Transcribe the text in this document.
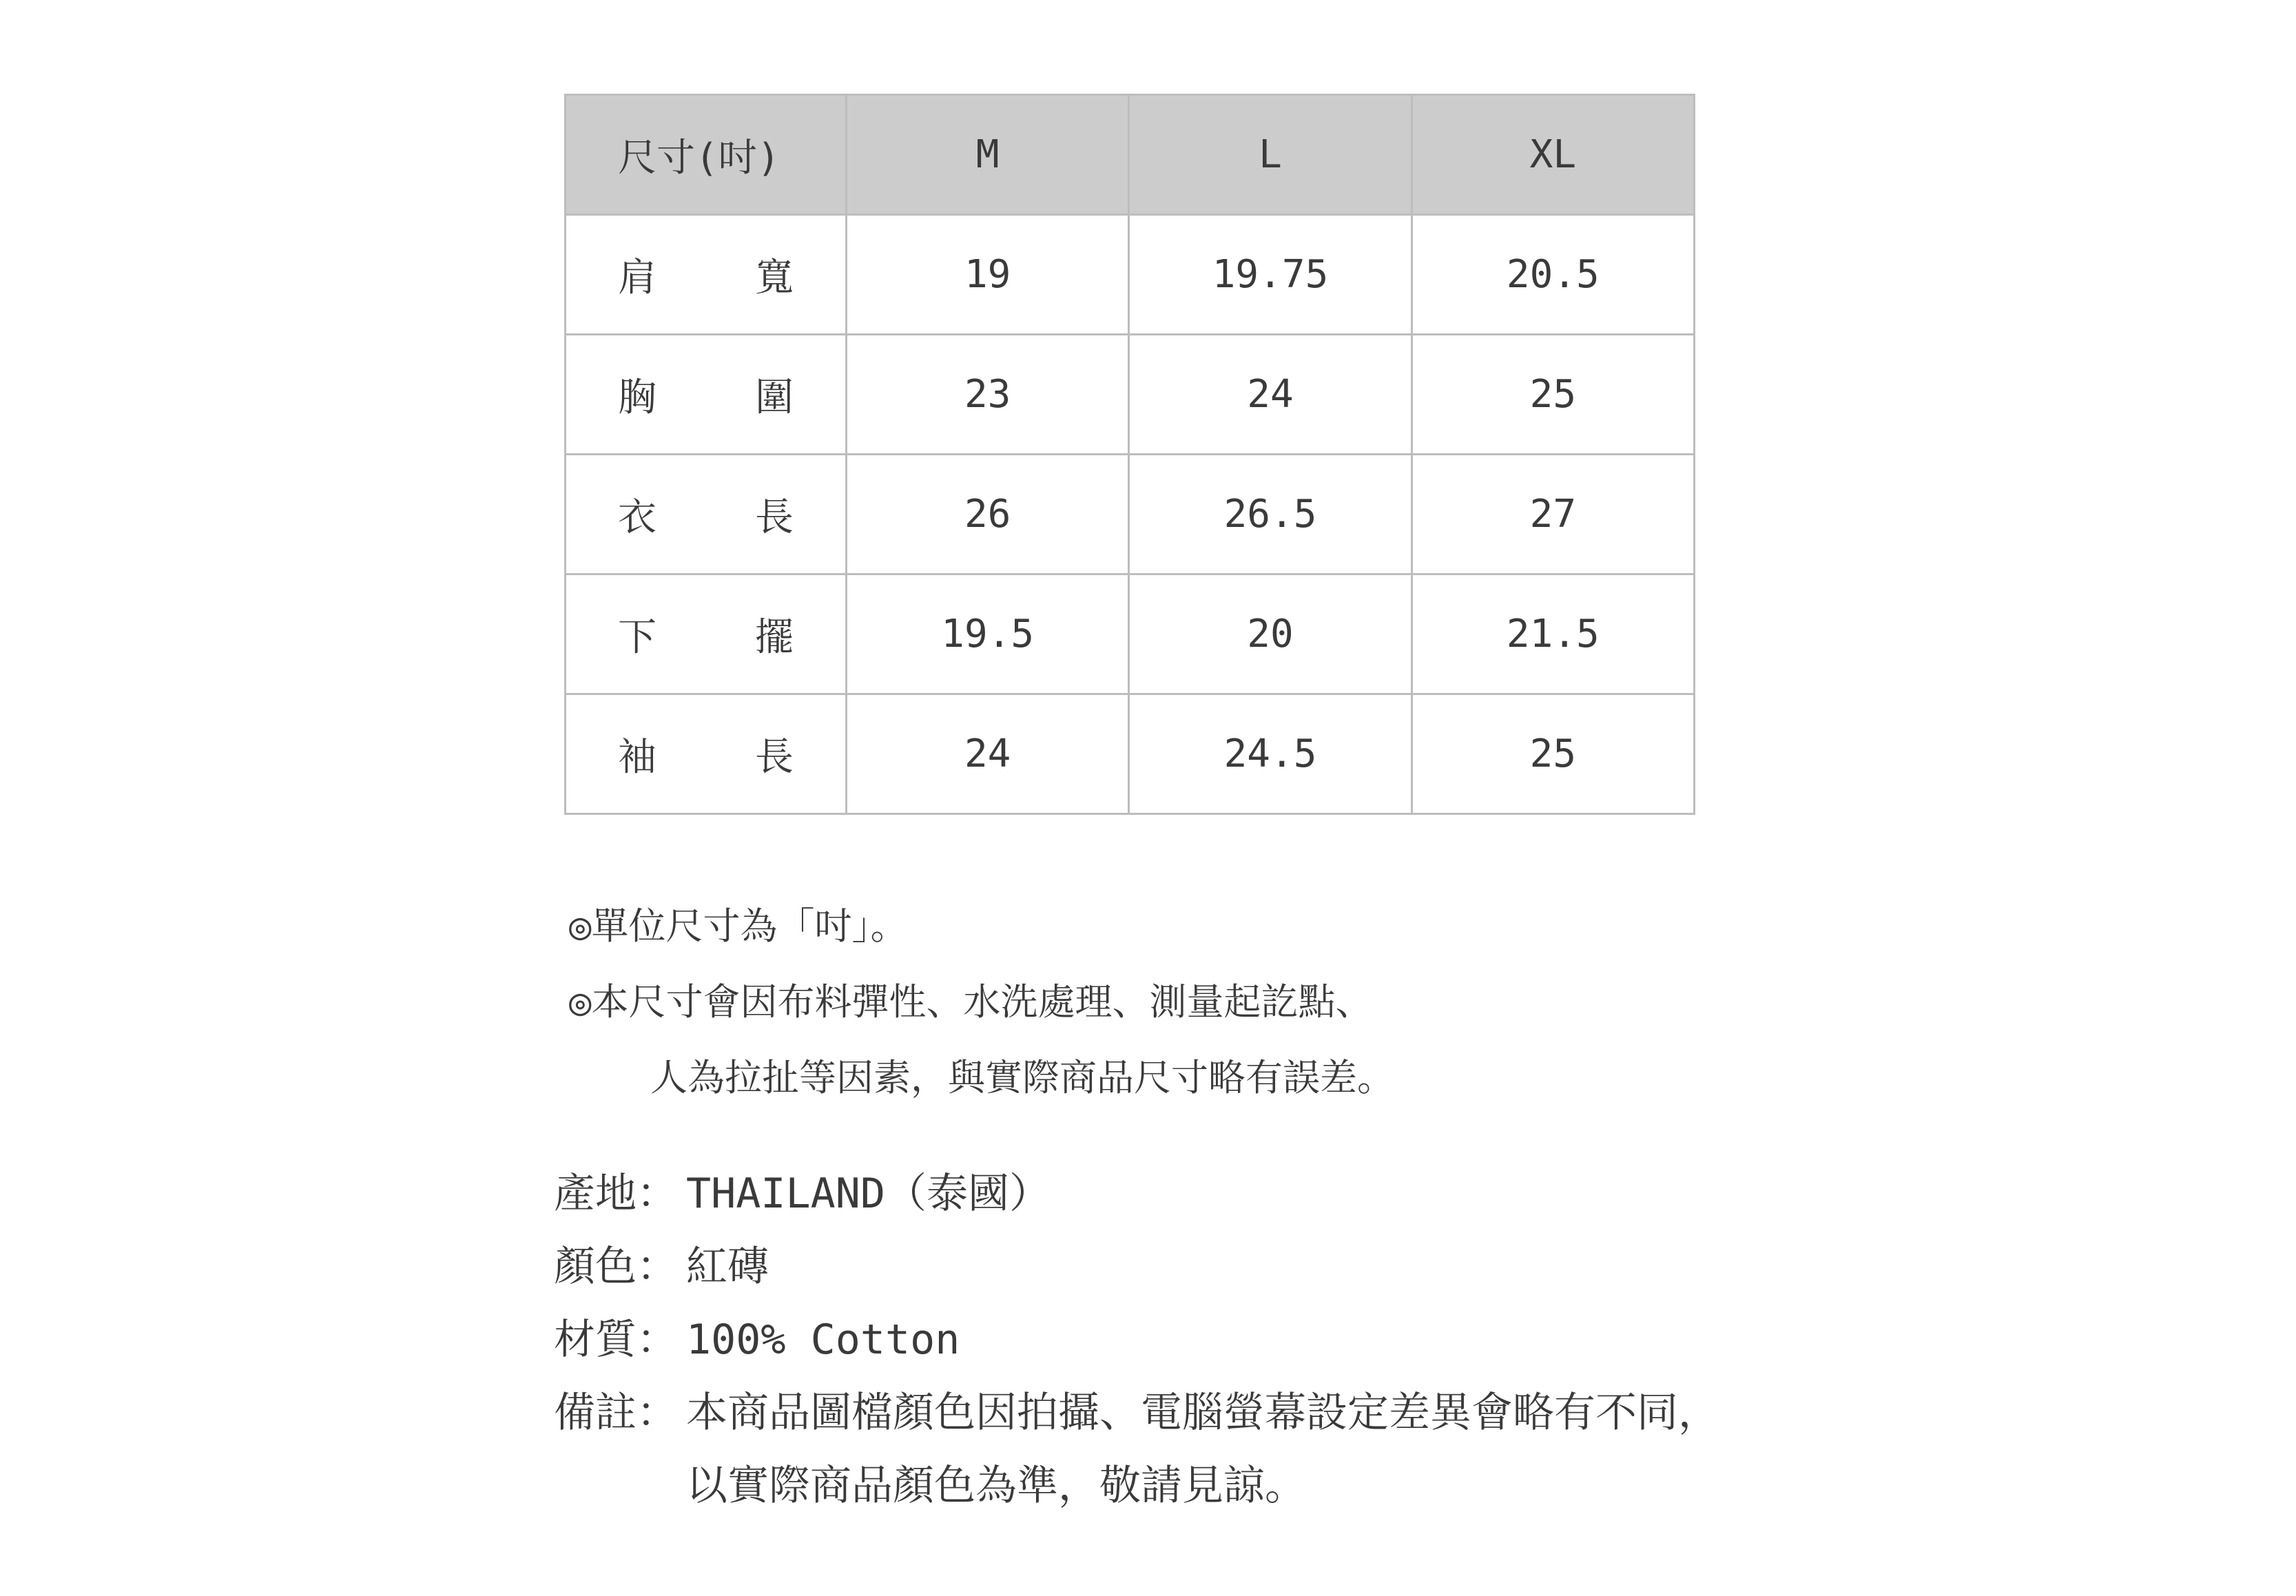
尺寸(吋)	M	L	XL

肩 寬	19	19.75	20.5

胸 圍	23	24	25

衣 長	26	26.5	27

下 擺	19.5	20	21.5

袖 長	24	24.5	25
◎單位尺寸為「吋」。
◎本尺寸會因布料彈性、水洗處理、測量起訖點、
人為拉扯等因素，與實際商品尺寸略有誤差。
產地： THAILAND（泰國）
顏色： 紅磚
材質： 100% Cotton
備註： 本商品圖檔顏色因拍攝、電腦螢幕設定差異會略有不同，
以實際商品顏色為準，敬請見諒。
